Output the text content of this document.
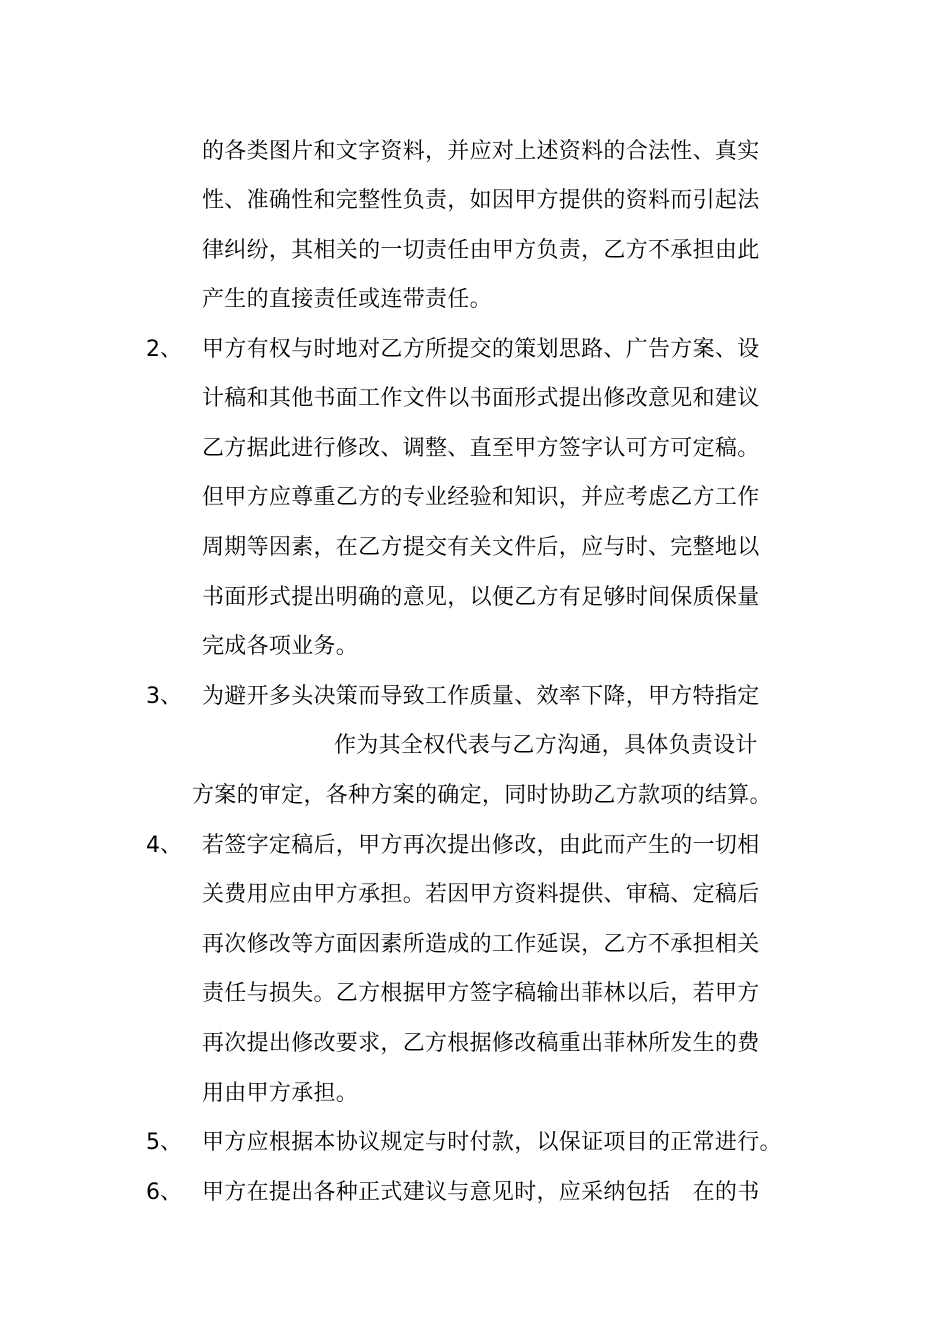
的各类图片和文字资料，并应对上述资料的合法性、真实
性、准确性和完整性负责，如因甲方提供的资料而引起法
律纠纷，其相关的一切责任由甲方负责，乙方不承担由此
产生的直接责任或连带责任。
2、 甲方有权与时地对乙方所提交的策划思路、广告方案、设
计稿和其他书面工作文件以书面形式提出修改意见和建议
乙方据此进行修改、调整、直至甲方签字认可方可定稿。
但甲方应尊重乙方的专业经验和知识，并应考虑乙方工作
周期等因素，在乙方提交有关文件后，应与时、完整地以
书面形式提出明确的意见，以便乙方有足够时间保质保量
完成各项业务。
3、 为避开多头决策而导致工作质量、效率下降，甲方特指定
作为其全权代表与乙方沟通，具体负责设计
方案的审定，各种方案的确定，同时协助乙方款项的结算。
4、 若签字定稿后，甲方再次提出修改，由此而产生的一切相
关费用应由甲方承担。若因甲方资料提供、审稿、定稿后
再次修改等方面因素所造成的工作延误，乙方不承担相关
责任与损失。乙方根据甲方签字稿输出菲林以后，若甲方
再次提出修改要求，乙方根据修改稿重出菲林所发生的费
用由甲方承担。
5、 甲方应根据本协议规定与时付款，以保证项目的正常进行。
6、 甲方在提出各种正式建议与意见时，应采纳包括　在的书
